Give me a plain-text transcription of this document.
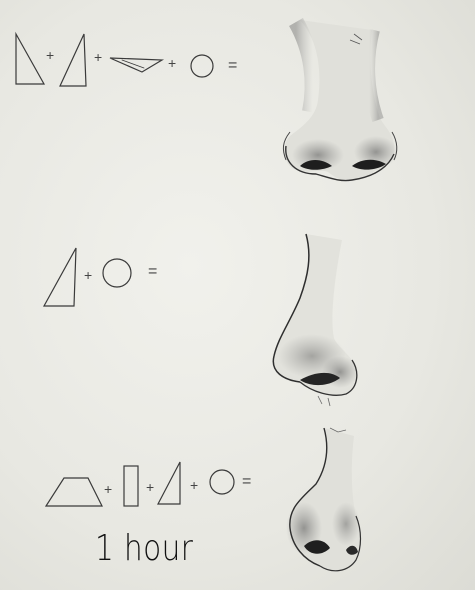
+	+	+	=
+	=
+ +	+	=
1 hour
